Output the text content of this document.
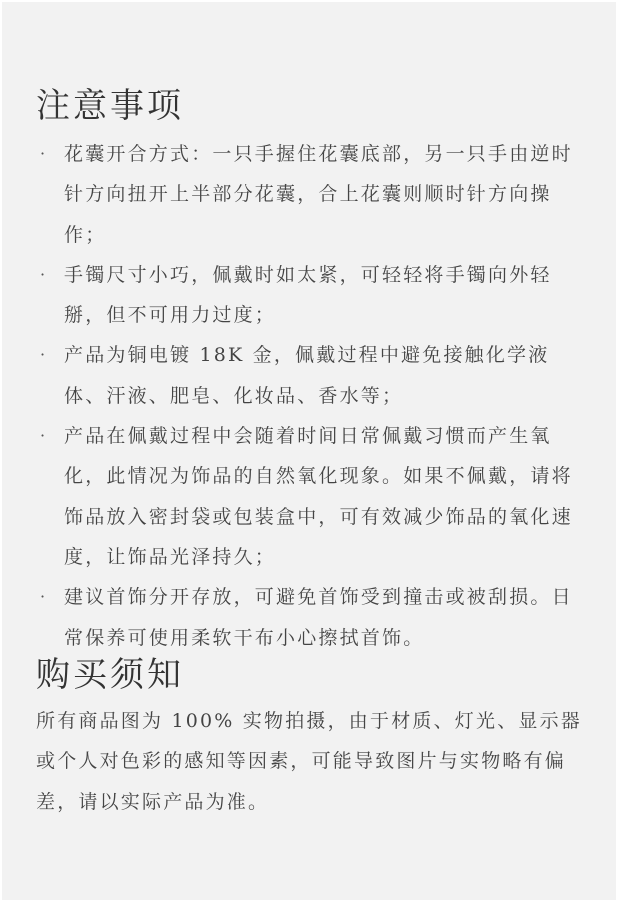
注意事项
· 花囊开合方式：一只手握住花囊底部，另一只手由逆时针方向扭开上半部分花囊，合上花囊则顺时针方向操作；
· 手镯尺寸小巧，佩戴时如太紧，可轻轻将手镯向外轻掰，但不可用力过度；
· 产品为铜电镀 18K 金，佩戴过程中避免接触化学液体、汗液、肥皂、化妆品、香水等；
· 产品在佩戴过程中会随着时间日常佩戴习惯而产生氧化，此情况为饰品的自然氧化现象。如果不佩戴，请将饰品放入密封袋或包装盒中，可有效减少饰品的氧化速度，让饰品光泽持久；
· 建议首饰分开存放，可避免首饰受到撞击或被刮损。日常保养可使用柔软干布小心擦拭首饰。
购买须知

所有商品图为 100% 实物拍摄，由于材质、灯光、显示器或个人对色彩的感知等因素，可能导致图片与实物略有偏差，请以实际产品为准。
